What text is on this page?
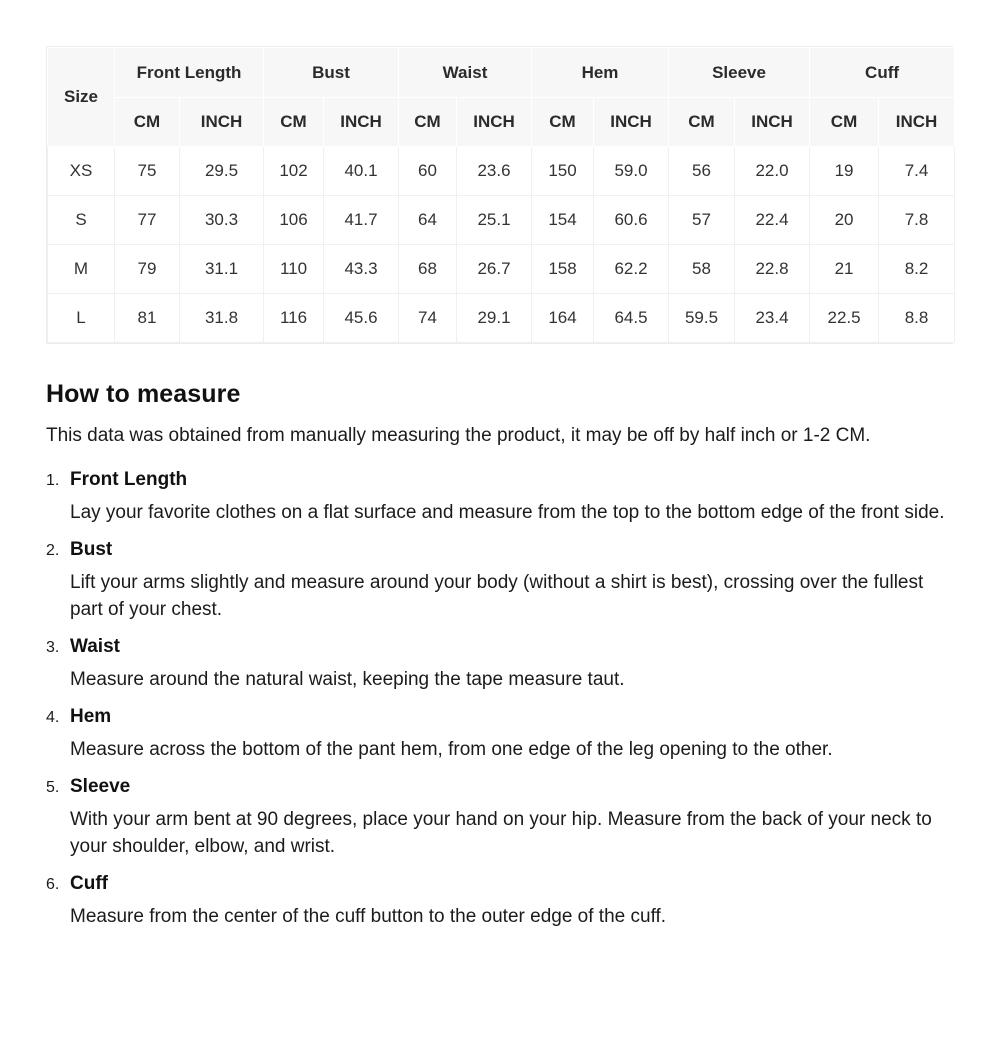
Size	Front Length		Bust		Waist		Hem		Sleeve		Cuff	
	CM	INCH	CM	INCH	CM	INCH	CM	INCH	CM	INCH	CM	INCH
XS	75	29.5	102	40.1	60	23.6	150	59.0	56	22.0	19	7.4
S	77	30.3	106	41.7	64	25.1	154	60.6	57	22.4	20	7.8
M	79	31.1	110	43.3	68	26.7	158	62.2	58	22.8	21	8.2
L	81	31.8	116	45.6	74	29.1	164	64.5	59.5	23.4	22.5	8.8
How to measure

This data was obtained from manually measuring the product, it may be off by half inch or 1-2 CM.

1. Front Length

Lay your favorite clothes on a flat surface and measure from the top to the bottom edge of the front side.

2. Bust

Lift your arms slightly and measure around your body (without a shirt is best), crossing over the fullest part of your chest.

3. Waist

Measure around the natural waist, keeping the tape measure taut.

4. Hem

Measure across the bottom of the pant hem, from one edge of the leg opening to the other.

5. Sleeve

With your arm bent at 90 degrees, place your hand on your hip. Measure from the back of your neck to your shoulder, elbow, and wrist.

6. Cuff

Measure from the center of the cuff button to the outer edge of the cuff.
